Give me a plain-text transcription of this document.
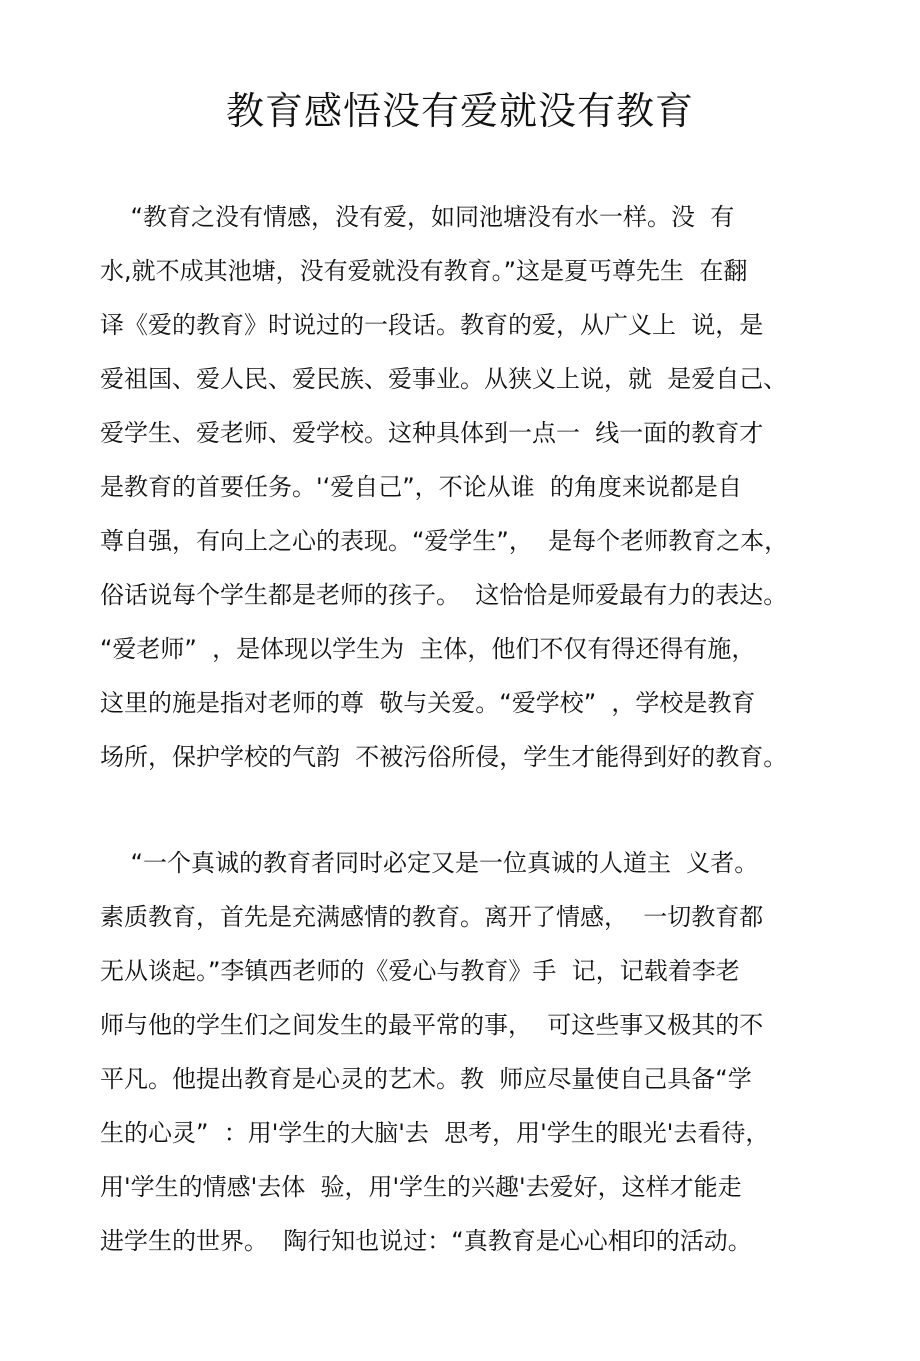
教育感悟没有爱就没有教育
“教育之没有情感，没有爱，如同池塘没有水一样。没  有
水,就不成其池塘，没有爱就没有教育。”这是夏丐尊先生  在翻
译《爱的教育》时说过的一段话。教育的爱，从广义上  说，是
爱祖国、爱人民、爱民族、爱事业。从狭义上说，就  是爱自己、
爱学生、爱老师、爱学校。这种具体到一点一  线一面的教育才
是教育的首要任务。'‘爱自己”，不论从谁  的角度来说都是自
尊自强，有向上之心的表现。“爱学生”，  是每个老师教育之本，
俗话说每个学生都是老师的孩子。  这恰恰是师爱最有力的表达。
“爱老师”  ，是体现以学生为  主体，他们不仅有得还得有施，
这里的施是指对老师的尊  敬与关爱。“爱学校”  ，学校是教育
场所，保护学校的气韵  不被污俗所侵，学生才能得到好的教育。
“一个真诚的教育者同时必定又是一位真诚的人道主  义者。
素质教育，首先是充满感情的教育。离开了情感，  一切教育都
无从谈起。”李镇西老师的《爱心与教育》手  记，记载着李老
师与他的学生们之间发生的最平常的事，  可这些事又极其的不
平凡。他提出教育是心灵的艺术。教  师应尽量使自己具备“学
生的心灵”  ：用'学生的大脑'去  思考，用'学生的眼光'去看待，
用'学生的情感'去体  验，用'学生的兴趣'去爱好，这样才能走
进学生的世界。  陶行知也说过：“真教育是心心相印的活动。
